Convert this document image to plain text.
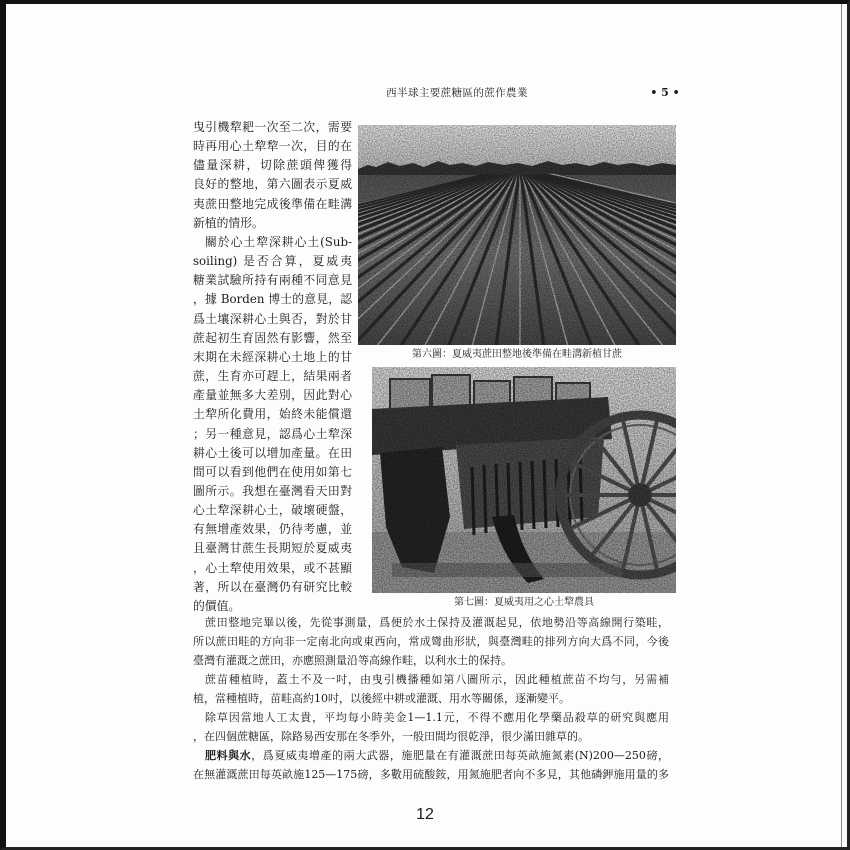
西半球主要蔗糖區的蔗作農業	• 5 •
曳引機犂耙一次至二次，需要
時再用心土犂犂一次，目的在
儘量深耕，切除蔗頭俾獲得
良好的整地，第六圖表示夏威
夷蔗田整地完成後準備在畦溝
新植的情形。
關於心土犂深耕心土(Sub-
soiling) 是否合算，夏威夷
糖業試驗所持有兩種不同意見
，據 Borden 博士的意見，認
爲土壤深耕心土與否，對於甘
蔗起初生育固然有影響，然至
末期在未經深耕心土地上的甘
蔗，生育亦可趕上，結果兩者
產量並無多大差別，因此對心
土犂所化費用，始終未能償還
；另一種意見，認爲心土犂深
耕心土後可以增加產量。在田
間可以看到他們在使用如第七
圖所示。我想在臺灣看天田對
心土犂深耕心土，破壞硬盤，
有無增產效果，仍待考慮，並
且臺灣甘蔗生長期短於夏威夷
，心土犂使用效果，或不甚顯
著，所以在臺灣仍有研究比較
的價值。
第六圖：夏威夷蔗田整地後準備在畦溝新植甘蔗
第七圖：夏威夷用之心土犂農具
蔗田整地完畢以後，先從事測量，爲便於水土保持及灌溉起見，依地勢沿等高線開行築畦，
所以蔗田畦的方向非一定南北向或東西向，常成彎曲形狀，與臺灣畦的排列方向大爲不同，今後
臺灣有灌溉之蔗田，亦應照測量沿等高線作畦，以利水土的保持。
蔗苗種植時，蓋土不及一吋，由曳引機播種如第八圖所示，因此種植蔗苗不均勻，另需補
植，當種植時，苗畦高約10吋，以後經中耕或灌溉、用水等關係，逐漸變平。
除草因當地人工太貴，平均每小時美金1—1.1元，不得不應用化學藥品殺草的研究與應用
，在四個蔗糖區，除路易西安那在冬季外，一般田間均很乾淨，很少滿田雜草的。
肥料與水，爲夏威夷增產的兩大武器，施肥量在有灌溉蔗田每英畝施氮素(N)200—250磅，
在無灌溉蔗田每英畝施125—175磅，多數用硫酸銨，用氮施肥者向不多見，其他磷鉀施用量的多
12
